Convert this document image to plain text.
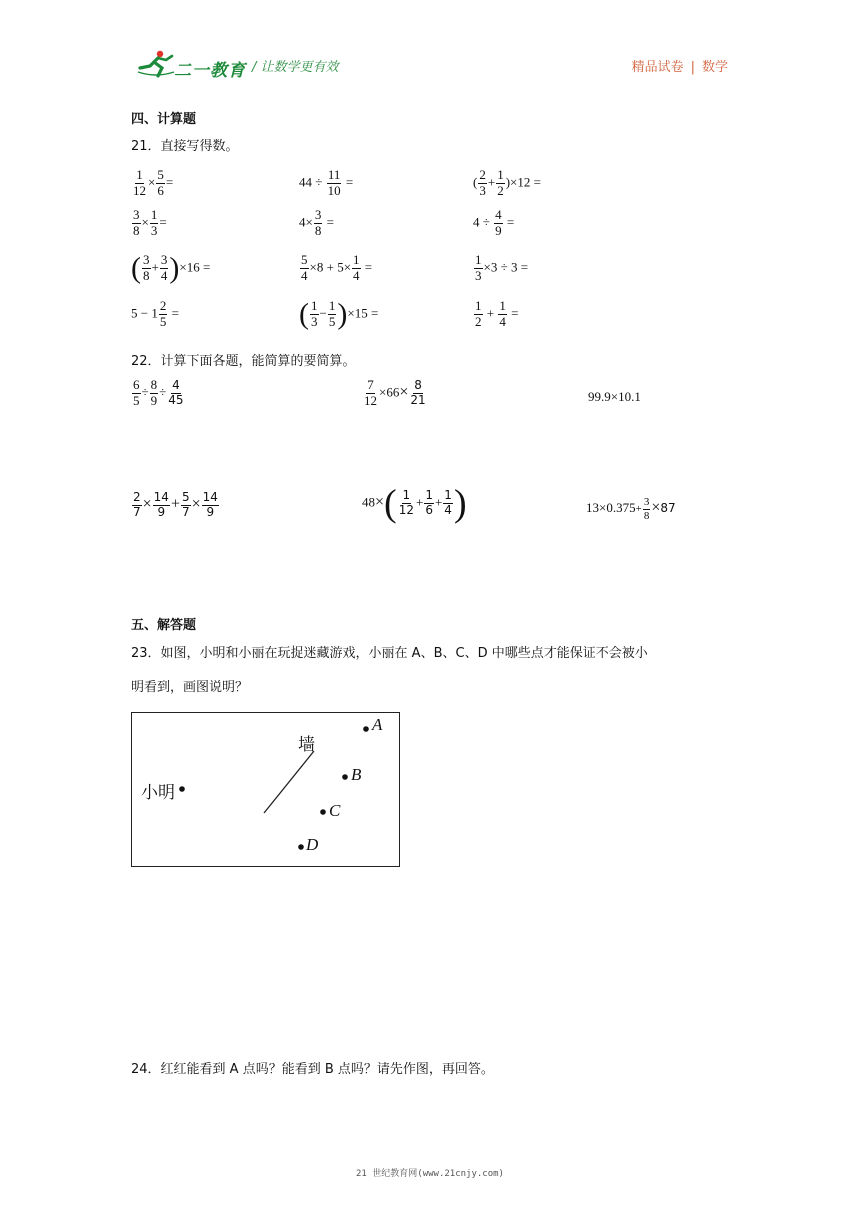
二一教育 / 让数学更有效	精品试卷 | 数学
四、计算题
21．直接写得数。
$\frac{1}{12} \times \frac{5}{6}$ =	$44 \div \frac{11}{10}$ =	( $\frac{2}{3} + \frac{1}{2} )\times 12$ =
$\frac{3}{8} \times \frac{1}{3}$ =	$4\times \frac{3}{8}$ =	$4 \div \frac{4}{9}$ =
( $\frac{3}{8} + \frac{3}{4} )\times 16$ =	$\frac{5}{4} \times 8 + 5\times \frac{1}{4}$ =	$\frac{1}{3} \times 3 \div 3$ =
$5 - 1 \frac{2}{5}$ =	( $\frac{1}{3} - \frac{1}{5} )\times 15$ =	$\frac{1}{2} + \frac{1}{4}$ =
22．计算下面各题，能简算的要简算。
$\frac{6}{5} \div \frac{8}{9} \div \frac{4}{45}$	$\frac{7}{12} \times 66\times \frac{8}{21}$	99.9×10.1
$\frac{2}{7} \times \frac{14}{9} + \frac{5}{7} \times \frac{14}{9}$	$48\times( \frac{1}{12} + \frac{1}{6} + \frac{1}{4}$ )	$13\times 0.375+ \frac{3}{8} \times 87$
五、解答题
23．如图，小明和小丽在玩捉迷藏游戏，小丽在 A、B、C、D 中哪些点才能保证不会被小
明看到，画图说明？
小明
墙
A
B
C
D
24．红红能看到 A 点吗？能看到 B 点吗？请先作图，再回答。
21 世纪教育网(www.21cnjy.com)
